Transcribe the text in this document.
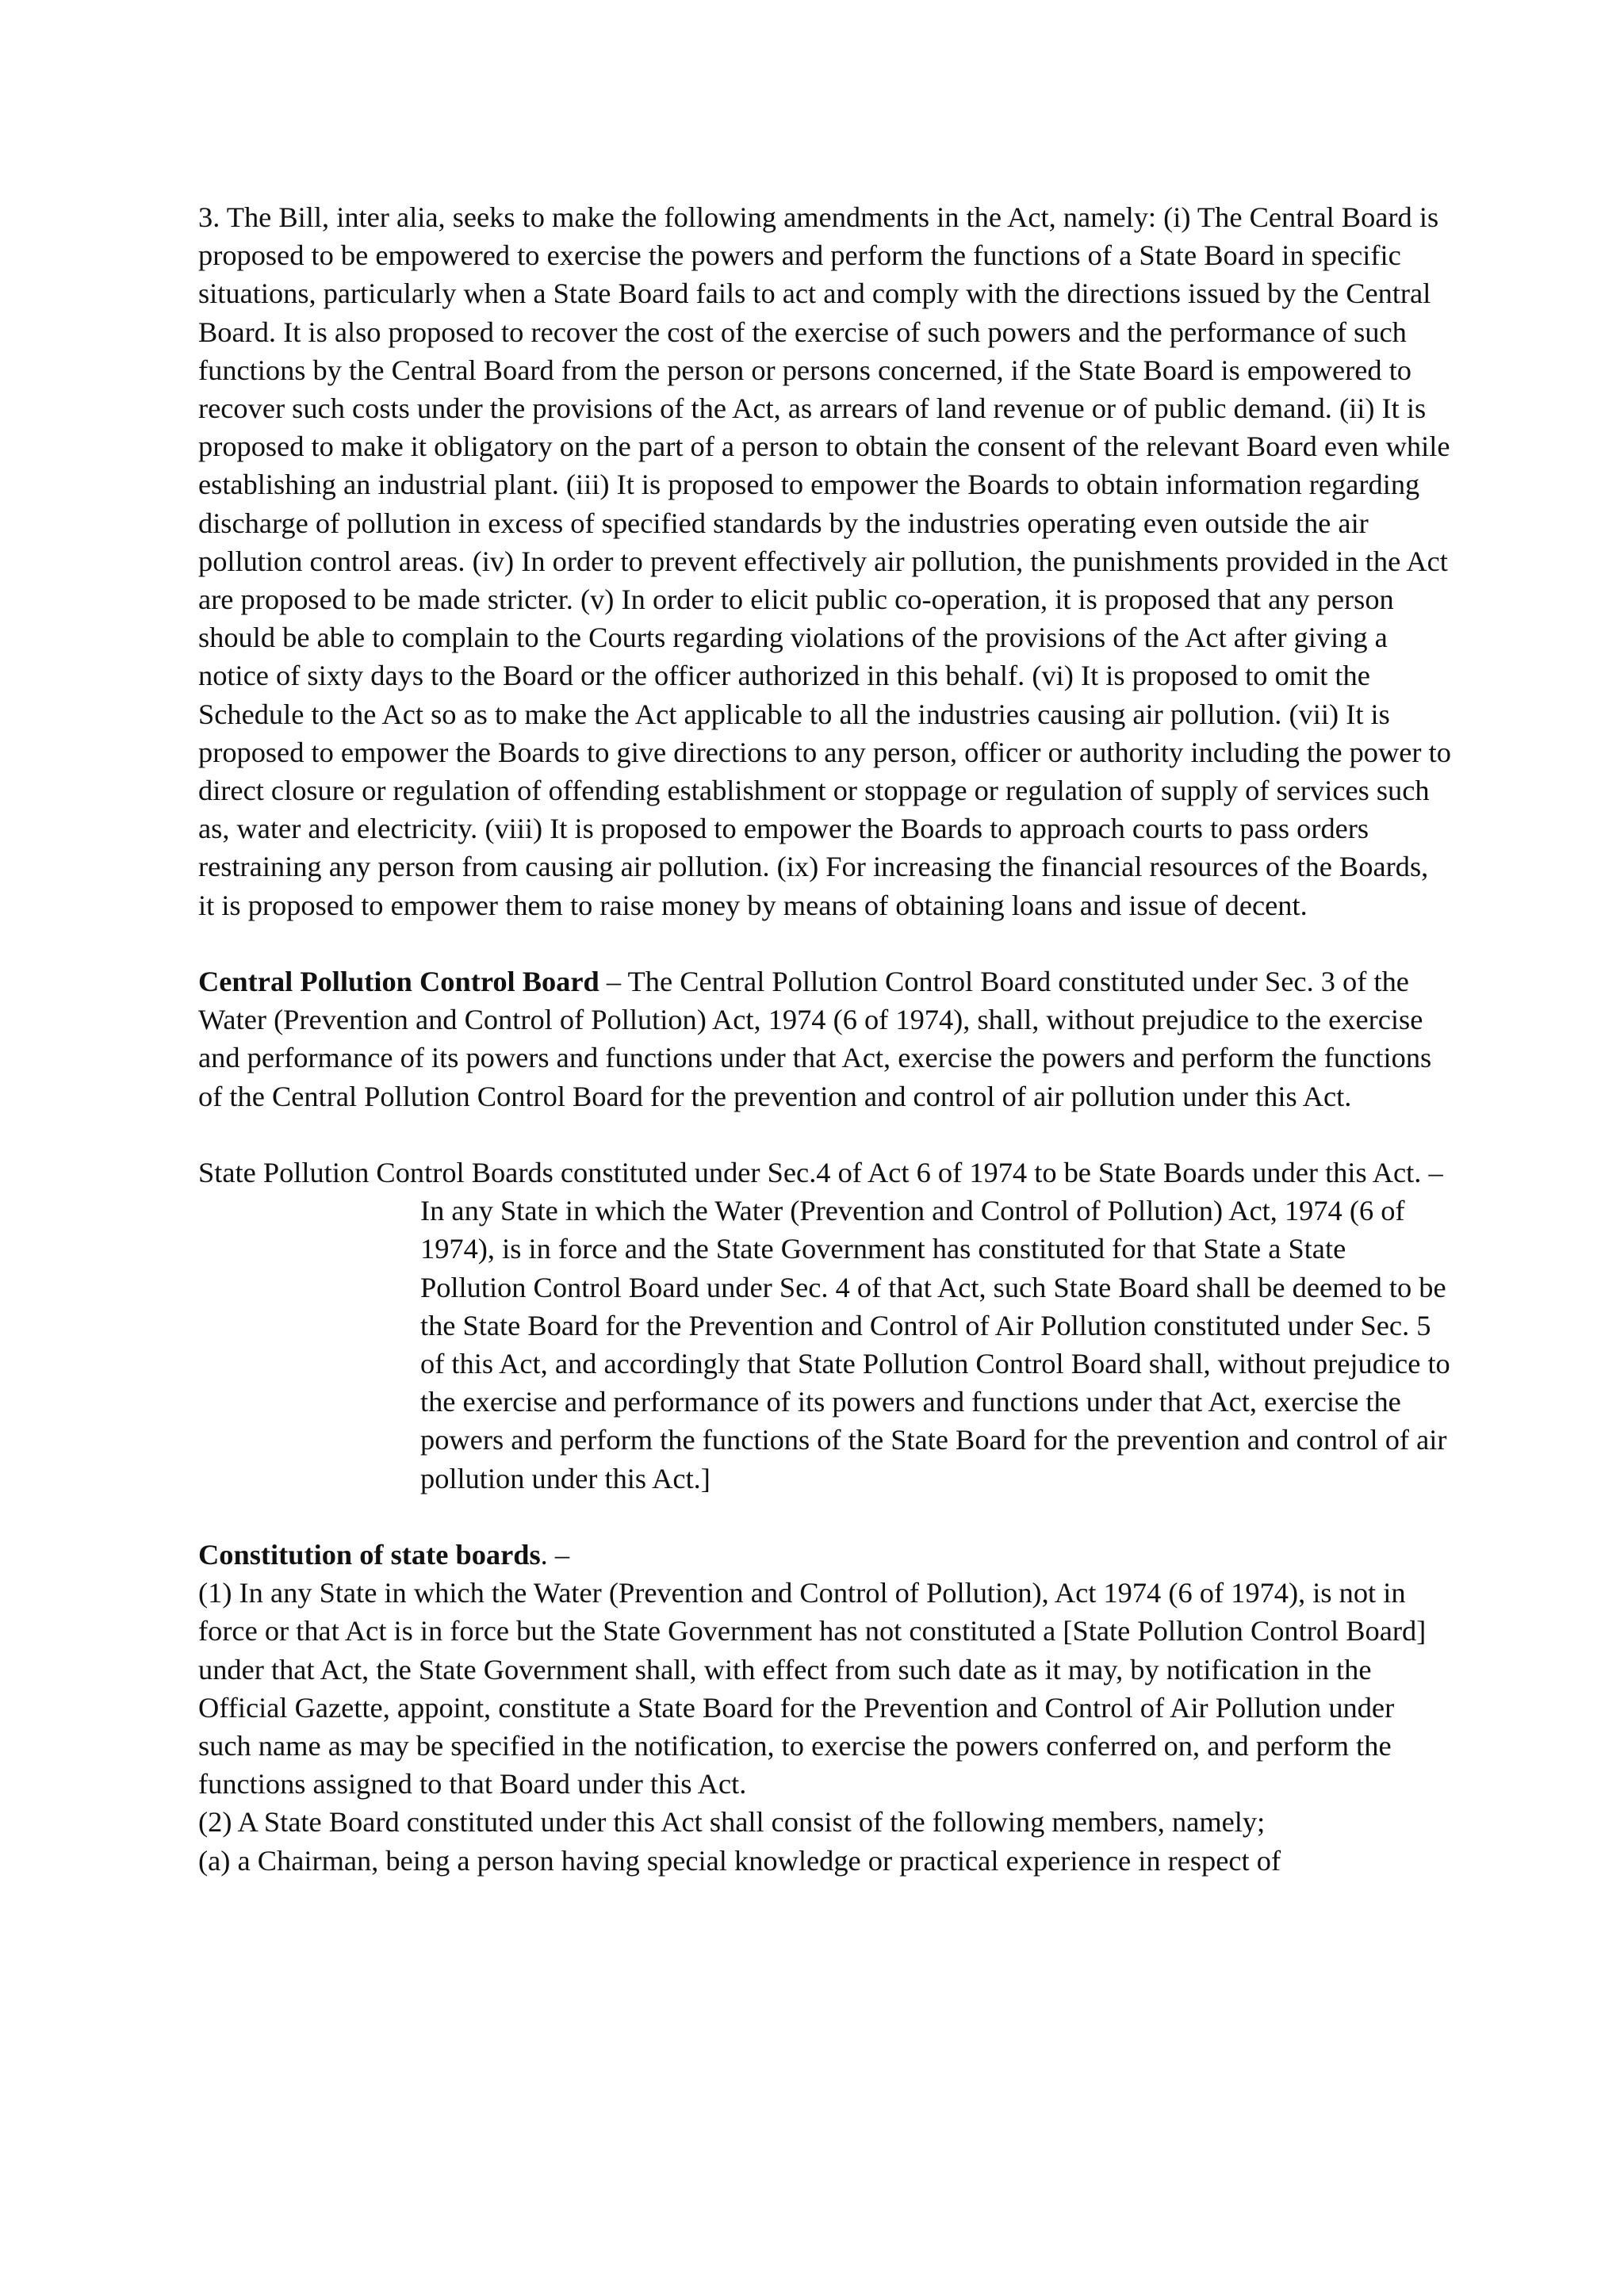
3. The Bill, inter alia, seeks to make the following amendments in the Act, namely: (i) The Central Board is proposed to be empowered to exercise the powers and perform the functions of a State Board in specific situations, particularly when a State Board fails to act and comply with the directions issued by the Central Board. It is also proposed to recover the cost of the exercise of such powers and the performance of such functions by the Central Board from the person or persons concerned, if the State Board is empowered to recover such costs under the provisions of the Act, as arrears of land revenue or of public demand. (ii) It is proposed to make it obligatory on the part of a person to obtain the consent of the relevant Board even while establishing an industrial plant. (iii) It is proposed to empower the Boards to obtain information regarding discharge of pollution in excess of specified standards by the industries operating even outside the air pollution control areas. (iv) In order to prevent effectively air pollution, the punishments provided in the Act are proposed to be made stricter. (v) In order to elicit public co-operation, it is proposed that any person should be able to complain to the Courts regarding violations of the provisions of the Act after giving a notice of sixty days to the Board or the officer authorized in this behalf. (vi) It is proposed to omit the Schedule to the Act so as to make the Act applicable to all the industries causing air pollution. (vii) It is proposed to empower the Boards to give directions to any person, officer or authority including the power to direct closure or regulation of offending establishment or stoppage or regulation of supply of services such as, water and electricity. (viii) It is proposed to empower the Boards to approach courts to pass orders restraining any person from causing air pollution. (ix) For increasing the financial resources of the Boards, it is proposed to empower them to raise money by means of obtaining loans and issue of decent.

Central Pollution Control Board – The Central Pollution Control Board constituted under Sec. 3 of the Water (Prevention and Control of Pollution) Act, 1974 (6 of 1974), shall, without prejudice to the exercise and performance of its powers and functions under that Act, exercise the powers and perform the functions of the Central Pollution Control Board for the prevention and control of air pollution under this Act.

State Pollution Control Boards constituted under Sec.4 of Act 6 of 1974 to be State Boards under this Act. –

In any State in which the Water (Prevention and Control of Pollution) Act, 1974 (6 of 1974), is in force and the State Government has constituted for that State a State Pollution Control Board under Sec. 4 of that Act, such State Board shall be deemed to be the State Board for the Prevention and Control of Air Pollution constituted under Sec. 5 of this Act, and accordingly that State Pollution Control Board shall, without prejudice to the exercise and performance of its powers and functions under that Act, exercise the powers and perform the functions of the State Board for the prevention and control of air pollution under this Act.]

Constitution of state boards. –

(1) In any State in which the Water (Prevention and Control of Pollution), Act 1974 (6 of 1974), is not in force or that Act is in force but the State Government has not constituted a [State Pollution Control Board] under that Act, the State Government shall, with effect from such date as it may, by notification in the Official Gazette, appoint, constitute a State Board for the Prevention and Control of Air Pollution under such name as may be specified in the notification, to exercise the powers conferred on, and perform the functions assigned to that Board under this Act.

(2) A State Board constituted under this Act shall consist of the following members, namely;

(a) a Chairman, being a person having special knowledge or practical experience in respect of
